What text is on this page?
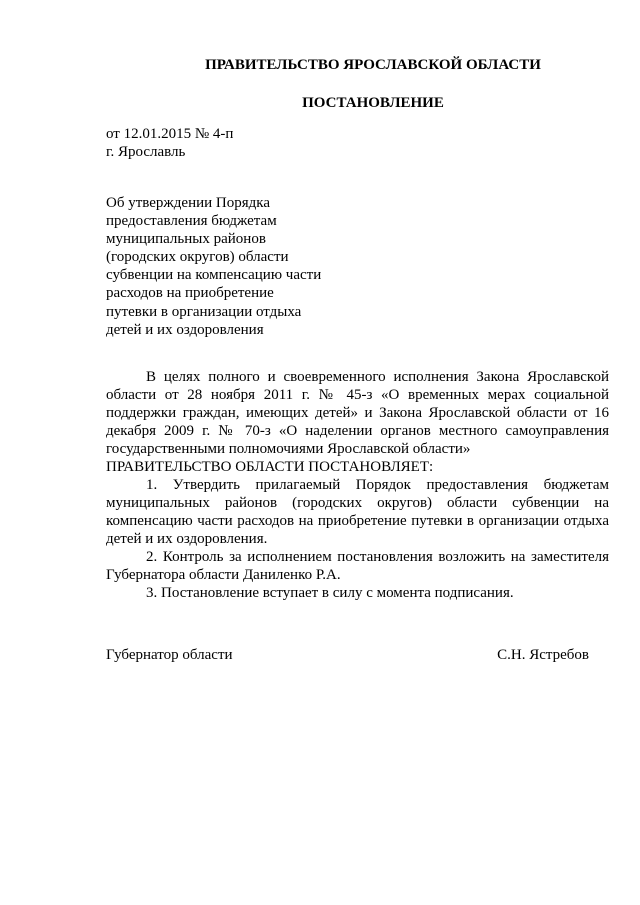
ПРАВИТЕЛЬСТВО ЯРОСЛАВСКОЙ ОБЛАСТИ
ПОСТАНОВЛЕНИЕ
от 12.01.2015 № 4-п
г. Ярославль
Об утверждении Порядка
предоставления бюджетам
муниципальных районов
(городских округов) области
субвенции на компенсацию части
расходов на приобретение
путевки в организации отдыха
детей и их оздоровления

В целях полного и своевременного исполнения Закона Ярославской области от 28 ноября 2011 г. № 45-з «О временных мерах социальной поддержки граждан, имеющих детей» и Закона Ярославской области от 16 декабря 2009 г. № 70-з «О наделении органов местного самоуправления государственными полномочиями Ярославской области»

ПРАВИТЕЛЬСТВО ОБЛАСТИ ПОСТАНОВЛЯЕТ:

1. Утвердить прилагаемый Порядок предоставления бюджетам муниципальных районов (городских округов) области субвенции на компенсацию части расходов на приобретение путевки в организации отдыха детей и их оздоровления.

2. Контроль за исполнением постановления возложить на заместителя Губернатора области Даниленко Р.А.

3. Постановление вступает в силу с момента подписания.

Губернатор области	С.Н. Ястребов
